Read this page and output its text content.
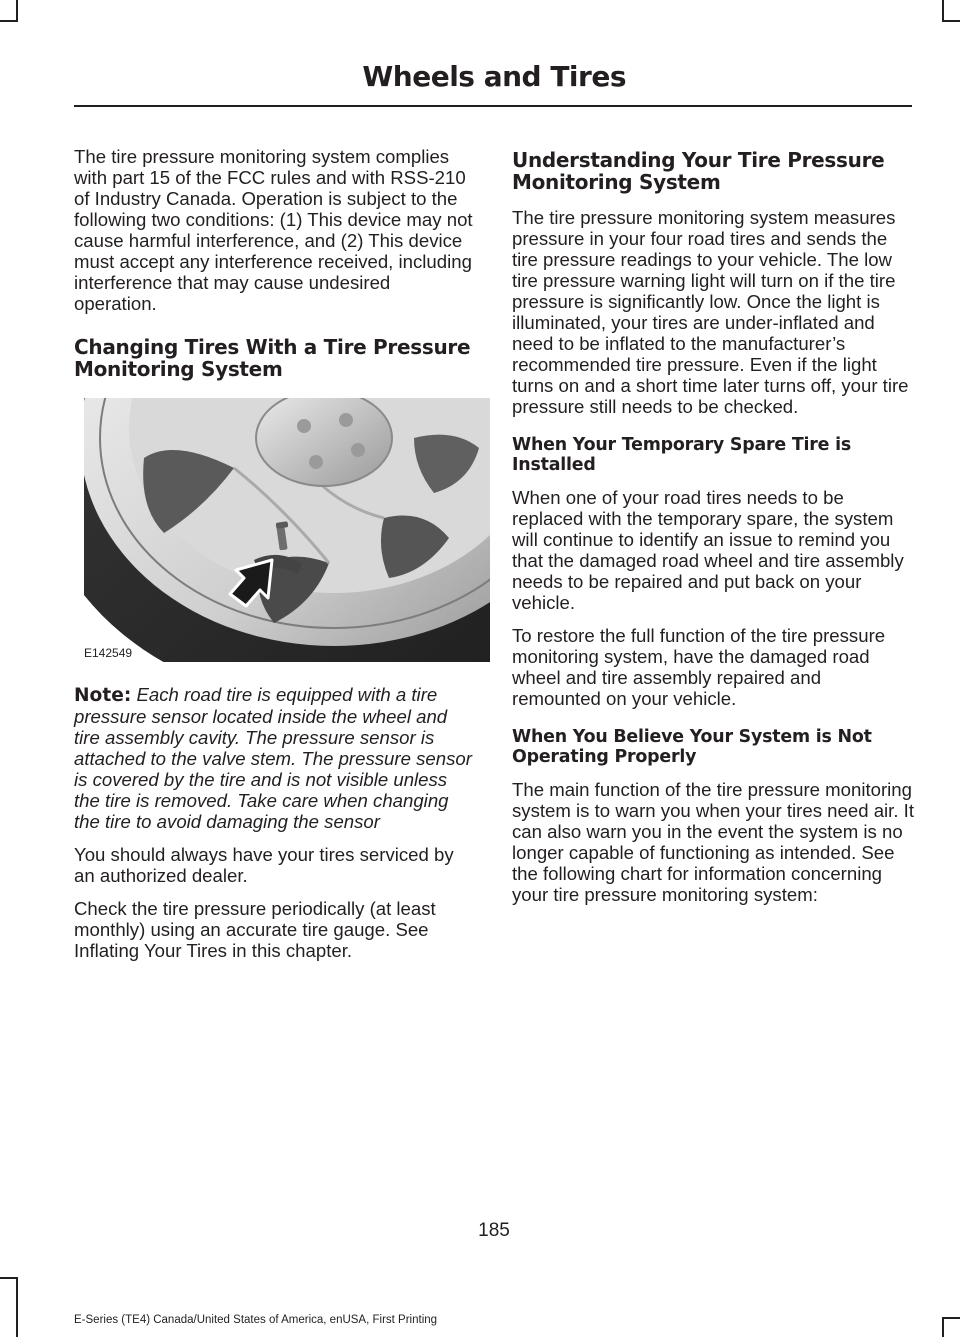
Wheels and Tires

The tire pressure monitoring system complies with part 15 of the FCC rules and with RSS-210 of Industry Canada. Operation is subject to the following two conditions: (1) This device may not cause harmful interference, and (2) This device must accept any interference received, including interference that may cause undesired operation.

Changing Tires With a Tire Pressure Monitoring System
E142549

Note: Each road tire is equipped with a tire pressure sensor located inside the wheel and tire assembly cavity. The pressure sensor is attached to the valve stem. The pressure sensor is covered by the tire and is not visible unless the tire is removed. Take care when changing the tire to avoid damaging the sensor

You should always have your tires serviced by an authorized dealer.

Check the tire pressure periodically (at least monthly) using an accurate tire gauge. See Inflating Your Tires in this chapter.

Understanding Your Tire Pressure Monitoring System

The tire pressure monitoring system measures pressure in your four road tires and sends the tire pressure readings to your vehicle. The low tire pressure warning light will turn on if the tire pressure is significantly low. Once the light is illuminated, your tires are under-inflated and need to be inflated to the manufacturer’s recommended tire pressure. Even if the light turns on and a short time later turns off, your tire pressure still needs to be checked.

When Your Temporary Spare Tire is Installed

When one of your road tires needs to be replaced with the temporary spare, the system will continue to identify an issue to remind you that the damaged road wheel and tire assembly needs to be repaired and put back on your vehicle.

To restore the full function of the tire pressure monitoring system, have the damaged road wheel and tire assembly repaired and remounted on your vehicle.

When You Believe Your System is Not Operating Properly

The main function of the tire pressure monitoring system is to warn you when your tires need air. It can also warn you in the event the system is no longer capable of functioning as intended. See the following chart for information concerning your tire pressure monitoring system:

185
E-Series (TE4) Canada/United States of America, enUSA, First Printing
